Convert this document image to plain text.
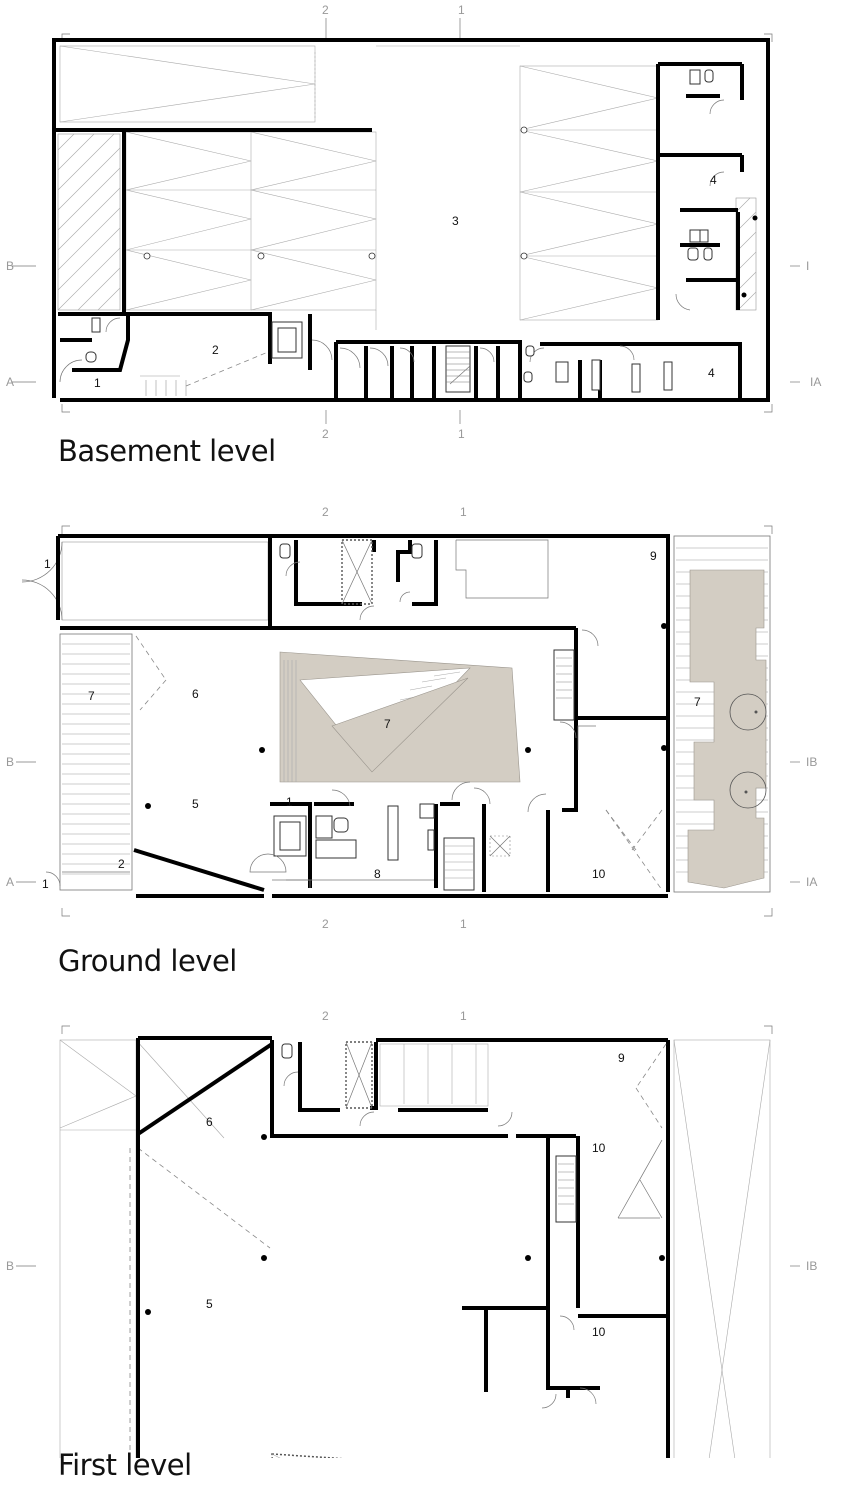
2	1
2	1
B
A
I
IA
1
2
3
4
4
Basement level
2	1
2	1
B
A
IB
IA
1
1
1
2
5
6
7
7
7
8
9
10
Ground level
2	1
B	IB
6
5
9
10
10
First level
